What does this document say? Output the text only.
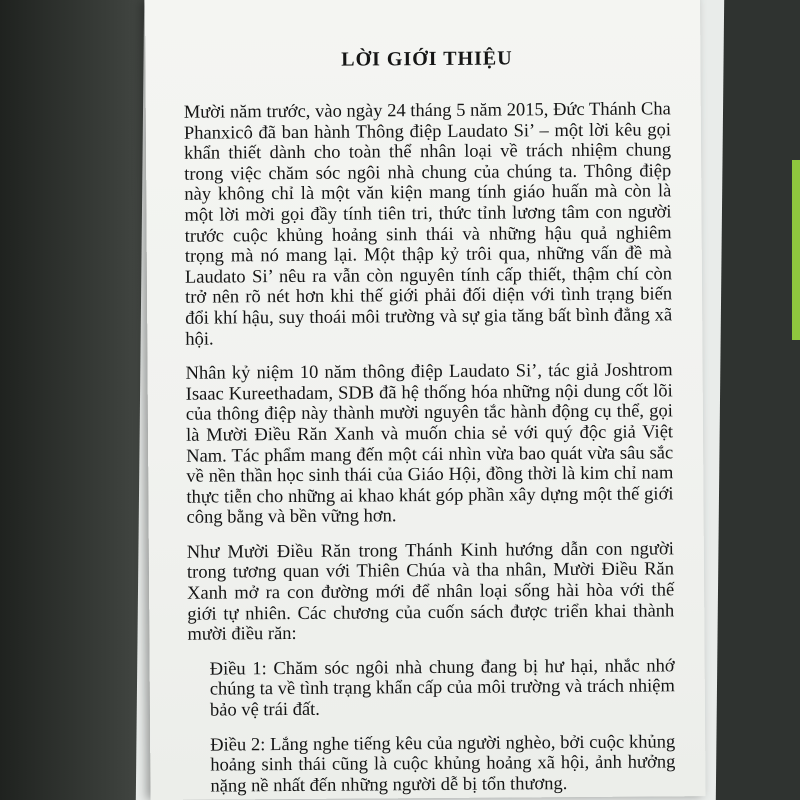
LỜI GIỚI THIỆU

Mười năm trước, vào ngày 24 tháng 5 năm 2015, Đức Thánh Cha Phanxicô đã ban hành Thông điệp Laudato Si’ – một lời kêu gọi khẩn thiết dành cho toàn thể nhân loại về trách nhiệm chung trong việc chăm sóc ngôi nhà chung của chúng ta. Thông điệp này không chỉ là một văn kiện mang tính giáo huấn mà còn là một lời mời gọi đầy tính tiên tri, thức tỉnh lương tâm con người trước cuộc khủng hoảng sinh thái và những hậu quả nghiêm trọng mà nó mang lại. Một thập kỷ trôi qua, những vấn đề mà Laudato Si’ nêu ra vẫn còn nguyên tính cấp thiết, thậm chí còn trở nên rõ nét hơn khi thế giới phải đối diện với tình trạng biến đổi khí hậu, suy thoái môi trường và sự gia tăng bất bình đẳng xã hội.

Nhân kỷ niệm 10 năm thông điệp Laudato Si’, tác giả Joshtrom Isaac Kureethadam, SDB đã hệ thống hóa những nội dung cốt lõi của thông điệp này thành mười nguyên tắc hành động cụ thể, gọi là Mười Điều Răn Xanh và muốn chia sẻ với quý độc giả Việt Nam. Tác phẩm mang đến một cái nhìn vừa bao quát vừa sâu sắc về nền thần học sinh thái của Giáo Hội, đồng thời là kim chỉ nam thực tiễn cho những ai khao khát góp phần xây dựng một thế giới công bằng và bền vững hơn.

Như Mười Điều Răn trong Thánh Kinh hướng dẫn con người trong tương quan với Thiên Chúa và tha nhân, Mười Điều Răn Xanh mở ra con đường mới để nhân loại sống hài hòa với thế giới tự nhiên. Các chương của cuốn sách được triển khai thành mười điều răn:

Điều 1: Chăm sóc ngôi nhà chung đang bị hư hại, nhắc nhớ chúng ta về tình trạng khẩn cấp của môi trường và trách nhiệm bảo vệ trái đất.

Điều 2: Lắng nghe tiếng kêu của người nghèo, bởi cuộc khủng hoảng sinh thái cũng là cuộc khủng hoảng xã hội, ảnh hưởng nặng nề nhất đến những người dễ bị tổn thương.
